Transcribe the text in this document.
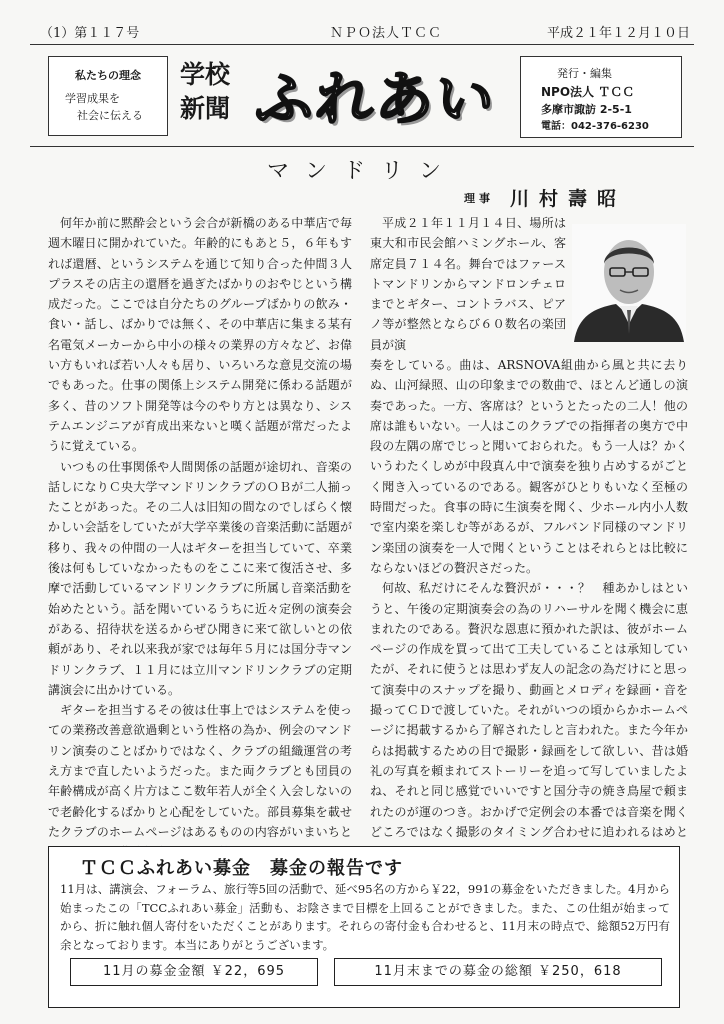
（1）第１１７号	ＮＰＯ法人ＴＣＣ	平成２１年１２月１０日
私たちの理念
学習成果を
社会に伝える
学校
新聞 ふれあい	発行・編集
NPO法人 ＴＣＣ
多摩市諏訪 2-5-1
電話：042-376-6230
マンドリン
理事 川村壽昭

何年か前に黙酔会という会合が新橋のある中華店で毎週木曜日に開かれていた。年齢的にもあと５，６年もすれば還暦、というシステムを通じて知り合った仲間３人プラスその店主の還暦を過ぎたばかりのおやじという構成だった。ここでは自分たちのグループばかりの飲み・食い・話し、ばかりでは無く、その中華店に集まる某有名電気メーカーから中小の様々の業界の方々など、お偉い方もいれば若い人々も居り、いろいろな意見交流の場でもあった。仕事の関係上システム開発に係わる話題が多く、昔のソフト開発等は今のやり方とは異なり、システムエンジニアが育成出来ないと嘆く話題が常だったように覚えている。

いつもの仕事関係や人間関係の話題が途切れ、音楽の話しになりＣ央大学マンドリンクラブのＯＢが二人揃ったことがあった。その二人は旧知の間なのでしばらく懐かしい会話をしていたが大学卒業後の音楽活動に話題が移り、我々の仲間の一人はギターを担当していて、卒業後は何もしていなかったものをここに来て復活させ、多摩で活動しているマンドリンクラブに所属し音楽活動を始めたという。話を聞いているうちに近々定例の演奏会がある、招待状を送るからぜひ聞きに来て欲しいとの依頼があり、それ以来我が家では毎年５月には国分寺マンドリンクラブ、１１月には立川マンドリンクラブの定期講演会に出かけている。

ギターを担当するその彼は仕事上ではシステムを使っての業務改善意欲過剰という性格の為か、例会のマンドリン演奏のことばかりではなく、クラブの組織運営の考え方まで直したいようだった。また両クラブとも団員の年齢構成が高く片方はここ数年若人が全く入会しないので老齢化するばかりと心配をしていた。部員募集を載せたクラブのホームページはあるものの内容がいまいちと

平成２１年１１月１４日、場所は東大和市民会館ハミングホール、客席定員７１４名。舞台ではファーストマンドリンからマンドロンチェロまでとギター、コントラバス、ピアノ等が整然とならび６０数名の楽団員が演

奏をしている。曲は、ARSNOVA組曲から風と共に去りぬ、山河緑照、山の印象までの数曲で、ほとんど通しの演奏であった。一方、客席は？というとたったの二人！他の席は誰もいない。一人はこのクラブでの指揮者の奥方で中段の左隅の席でじっと聞いておられた。もう一人は？かくいうわたくしめが中段真ん中で演奏を独り占めするがごとく聞き入っているのである。観客がひとりもいなく至極の時間だった。食事の時に生演奏を聞く、少ホール内小人数で室内楽を楽しむ等があるが、フルバンド同様のマンドリン楽団の演奏を一人で聞くということはそれらとは比較にならないほどの贅沢さだった。

何故、私だけにそんな贅沢が・・・？　種あかしはというと、午後の定期演奏会の為のリハーサルを聞く機会に恵まれたのである。贅沢な恩恵に預かれた訳は、彼がホームページの作成を買って出て工夫していることは承知していたが、それに使うとは思わず友人の記念の為だけにと思って演奏中のスナップを撮り、動画とメロディを録画・音を撮ってＣＤで渡していた。それがいつの頃からかホームページに掲載するから了解されたしと言われた。また今年からは掲載するための目で撮影・録画をして欲しい、昔は婚礼の写真を頼まれてストーリーを追って写していましたよね、それと同じ感覚でいいですと国分寺の焼き鳥屋で頼まれたのが運のつき。おかげで定例会の本番では音楽を聞くどころではなく撮影のタイミング合わせに追われるはめと

ＴＣＣふれあい募金　募金の報告です
11月は、講演会、フォーラム、旅行等5回の活動で、延べ95名の方から￥22，991の募金をいただきました。4月から始まったこの「TCCふれあい募金」活動も、お陰さまで目標を上回ることができました。また、この仕組が始まってから、折に触れ個人寄付をいただくことがあります。それらの寄付金も合わせると、11月末の時点で、総額52万円有余となっております。本当にありがとうございます。
11月の募金金額 ￥22，695	11月末までの募金の総額 ￥250，618
